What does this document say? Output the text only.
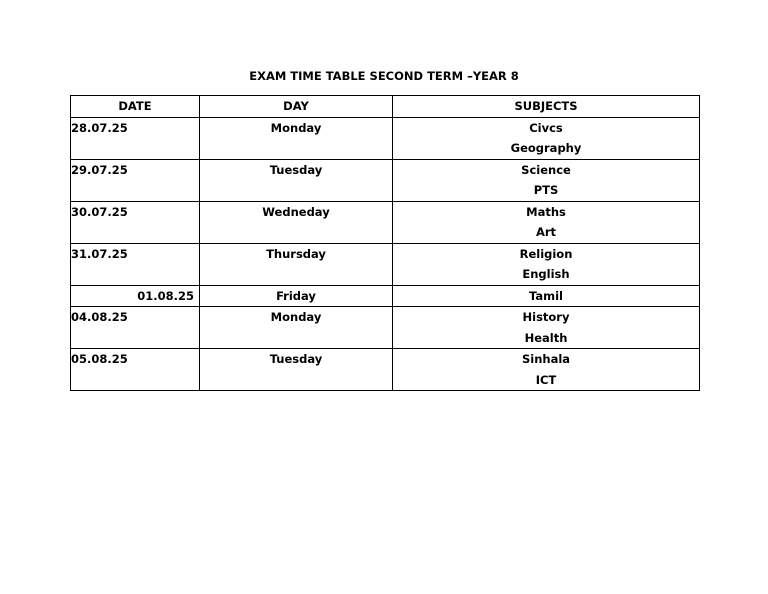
EXAM TIME TABLE SECOND TERM –YEAR 8
DATE	DAY	SUBJECTS
28.07.25	Monday	Civcs
Geography

29.07.25	Tuesday	Science
PTS

30.07.25	Wedneday	Maths
Art

31.07.25	Thursday	Religion
English

01.08.25	Friday	Tamil

04.08.25	Monday	History
Health

05.08.25	Tuesday	Sinhala
ICT
